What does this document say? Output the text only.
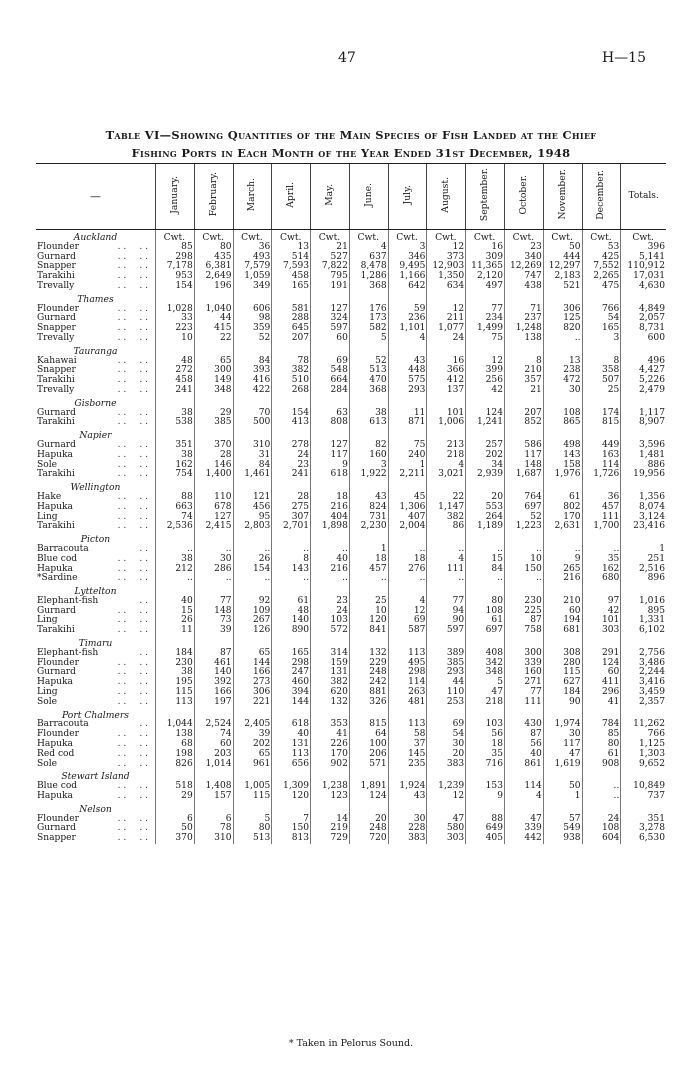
47	H—15
Table VI—Showing Quantities of the Main Species of Fish Landed at the Chief
Fishing Ports in Each Month of the Year Ended 31st December, 1948
—			January.	February.	March.	April.	May.	June.	July.	August.	September.	October.	November.	December.	Totals.
Auckland			Cwt.	Cwt.	Cwt.	Cwt.	Cwt.	Cwt.	Cwt.	Cwt.	Cwt.	Cwt.	Cwt.	Cwt.	Cwt.
Flounder	. .	. .	85	80	36	13	21	4	3	12	16	23	50	53	396
Gurnard	. .	. .	298	435	493	514	527	637	346	373	309	340	444	425	5,141
Snapper	. .	. .	7,178	6,381	7,579	7,593	7,822	8,478	9,495	12,903	11,365	12,269	12,297	7,552	110,912
Tarakihi	. .	. .	953	2,649	1,059	458	795	1,286	1,166	1,350	2,120	747	2,183	2,265	17,031
Trevally	. .	. .	154	196	349	165	191	368	642	634	497	438	521	475	4,630
Thames															
Flounder	. .	. .	1,028	1,040	606	581	127	176	59	12	77	71	306	766	4,849
Gurnard	. .	. .	33	44	98	288	324	173	236	211	234	237	125	54	2,057
Snapper	. .	. .	223	415	359	645	597	582	1,101	1,077	1,499	1,248	820	165	8,731
Trevally	. .	. .	10	22	52	207	60	5	4	24	75	138	..	3	600
Tauranga															
Kahawai	. .	. .	48	65	84	78	69	52	43	16	12	8	13	8	496
Snapper	. .	. .	272	300	393	382	548	513	448	366	399	210	238	358	4,427
Tarakihi	. .	. .	458	149	416	510	664	470	575	412	256	357	472	507	5,226
Trevally	. .	. .	241	348	422	268	284	368	293	137	42	21	30	25	2,479
Gisborne															
Gurnard	. .	. .	38	29	70	154	63	38	11	101	124	207	108	174	1,117
Tarakihi	. .	. .	538	385	500	413	808	613	871	1,006	1,241	852	865	815	8,907
Napier															
Gurnard	. .	. .	351	370	310	278	127	82	75	213	257	586	498	449	3,596
Hapuka	. .	. .	38	28	31	24	117	160	240	218	202	117	143	163	1,481
Sole	. .	. .	162	146	84	23	9	3	1	4	34	148	158	114	886
Tarakihi	. .	. .	754	1,400	1,461	241	618	1,922	2,211	3,021	2,939	1,687	1,976	1,726	19,956
Wellington															
Hake	. .	. .	88	110	121	28	18	43	45	22	20	764	61	36	1,356
Hapuka	. .	. .	663	678	456	275	216	824	1,306	1,147	553	697	802	457	8,074
Ling	. .	. .	74	127	95	307	404	731	407	382	264	52	170	111	3,124
Tarakihi	. .	. .	2,536	2,415	2,803	2,701	1,898	2,230	2,004	86	1,189	1,223	2,631	1,700	23,416
Picton															
Barracouta		. .	..	..	..	..	..	1	..	..	..	..	..	..	1
Blue cod	. .	. .	38	30	26	8	40	18	18	4	15	10	9	35	251
Hapuka	. .	. .	212	286	154	143	216	457	276	111	84	150	265	162	2,516
*Sardine	. .	. .	..	..	..	..	..	..	..	..	..	..	216	680	896
Lyttelton															
Elephant-fish		. .	40	77	92	61	23	25	4	77	80	230	210	97	1,016
Gurnard	. .	. .	15	148	109	48	24	10	12	94	108	225	60	42	895
Ling	. .	. .	26	73	267	140	103	120	69	90	61	87	194	101	1,331
Tarakihi	. .	. .	11	39	126	890	572	841	587	597	697	758	681	303	6,102
Timaru															
Elephant-fish		. .	184	87	65	165	314	132	113	389	408	300	308	291	2,756
Flounder	. .	. .	230	461	144	298	159	229	495	385	342	339	280	124	3,486
Gurnard	. .	. .	38	140	166	247	131	248	298	293	348	160	115	60	2,244
Hapuka	. .	. .	195	392	273	460	382	242	114	44	5	271	627	411	3,416
Ling	. .	. .	115	166	306	394	620	881	263	110	47	77	184	296	3,459
Sole	. .	. .	113	197	221	144	132	326	481	253	218	111	90	41	2,357
Port Chalmers															
Barracouta		. .	1,044	2,524	2,405	618	353	815	113	69	103	430	1,974	784	11,262
Flounder	. .	. .	138	74	39	40	41	64	58	54	56	87	30	85	766
Hapuka	. .	. .	68	60	202	131	226	100	37	30	18	56	117	80	1,125
Red cod	. .	. .	198	203	65	113	170	206	145	20	35	40	47	61	1,303
Sole	. .	. .	826	1,014	961	656	902	571	235	383	716	861	1,619	908	9,652
Stewart Island															
Blue cod	. .	. .	518	1,408	1,005	1,309	1,238	1,891	1,924	1,239	153	114	50	..	10,849
Hapuka	. .	. .	29	157	115	120	123	124	43	12	9	4	1	..	737
Nelson															
Flounder	. .	. .	6	6	5	7	14	20	30	47	88	47	57	24	351
Gurnard	. .	. .	50	78	80	150	219	248	228	580	649	339	549	108	3,278
Snapper	. .	. .	370	310	513	813	729	720	383	303	405	442	938	604	6,530
* Taken in Pelorus Sound.
